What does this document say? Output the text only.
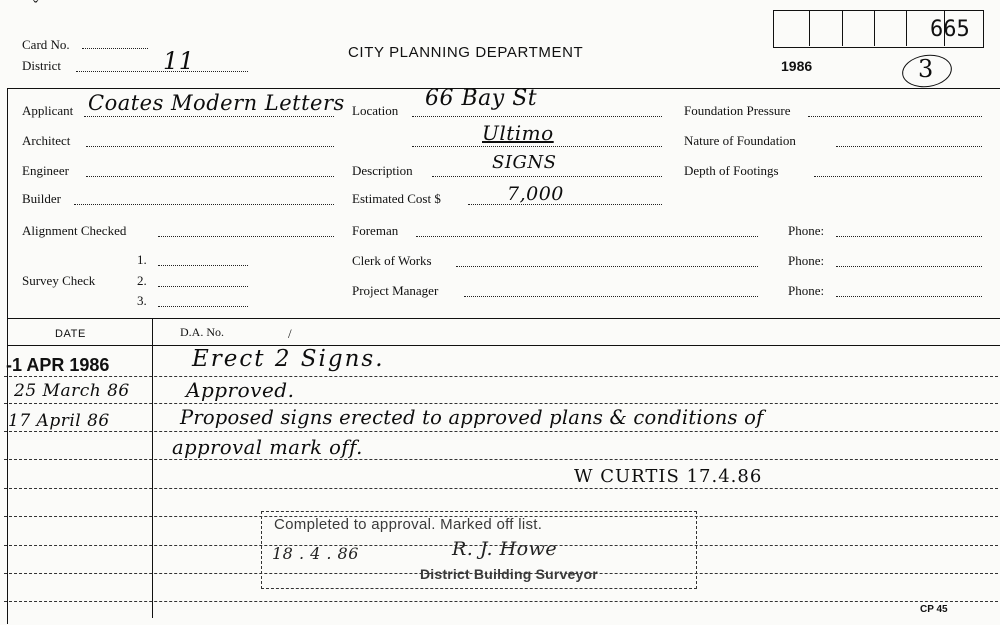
ˇ
Card No.
District	11	CITY PLANNING DEPARTMENT
1986
665
3
Applicant Coates Modern Letters
Architect
Engineer
Builder
Alignment Checked
Survey Check
1.
2.
3.
Location 66 Bay St
Ultimo
Description	SIGNS
Estimated Cost $	7,000
Foreman
Clerk of Works
Project Manager
Phone:
Phone:
Phone:
Foundation Pressure
Nature of Foundation
Depth of Footings
DATE	D.A. No.	/
-1 APR 1986	Erect 2 Signs.
25 March 86	Approved.
17 April 86	Proposed signs erected to approved plans & conditions of
approval mark off.
W CURTIS 17.4.86
Completed to approval. Marked off list.
18 . 4 . 86	R. J. Howe
District Building Surveyor
CP 45
